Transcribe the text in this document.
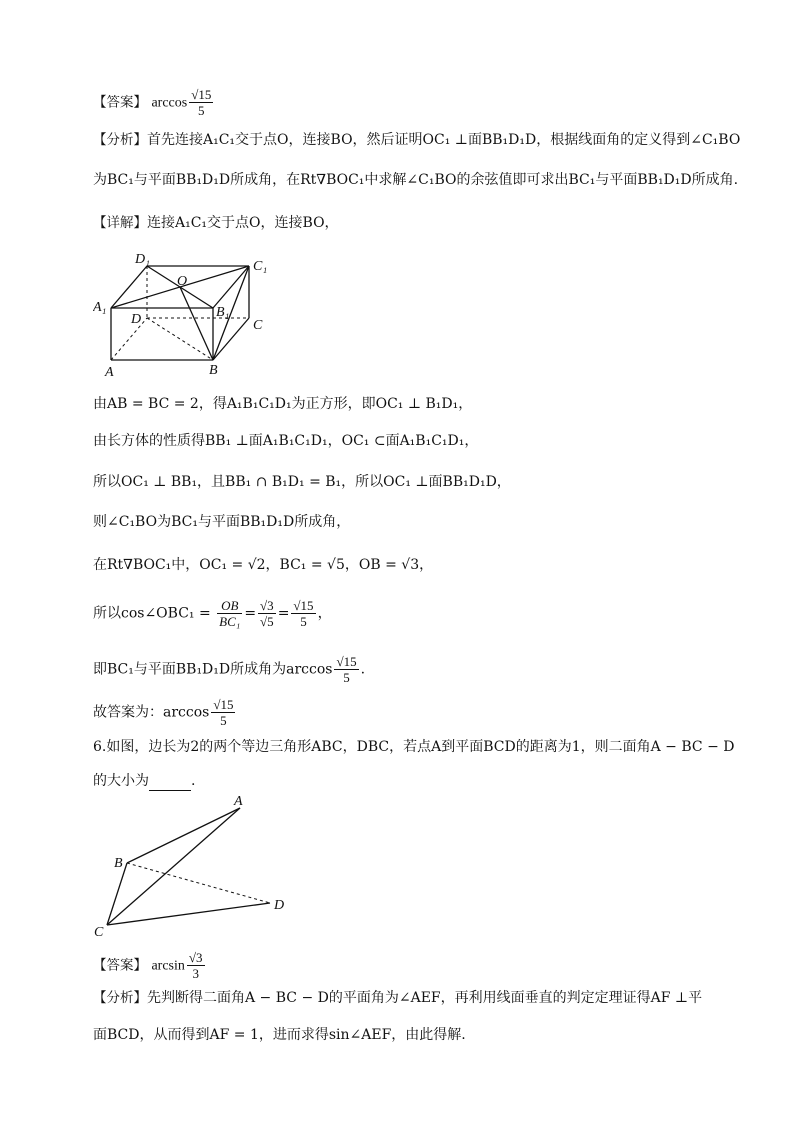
【答案】 $\arccos \frac{√15}{5}$
【分析】首先连接A₁C₁交于点O，连接BO，然后证明OC₁ ⊥面BB₁D₁D，根据线面角的定义得到∠C₁BO
为BC₁与平面BB₁D₁D所成角，在Rt∇BOC₁中求解∠C₁BO的余弦值即可求出BC₁与平面BB₁D₁D所成角.
【详解】连接A₁C₁交于点O，连接BO，
D₁	C₁
O
A₁
D	B₁
C
A	B
由AB = BC = 2，得A₁B₁C₁D₁为正方形，即OC₁ ⊥ B₁D₁，
由长方体的性质得BB₁ ⊥面A₁B₁C₁D₁，OC₁ ⊂面A₁B₁C₁D₁，
所以OC₁ ⊥ BB₁，且BB₁ ∩ B₁D₁ = B₁，所以OC₁ ⊥面BB₁D₁D，
则∠C₁BO为BC₁与平面BB₁D₁D所成角，
在Rt∇BOC₁中，OC₁ = √2，BC₁ = √5，OB = √3，
所以cos∠OBC₁ = $\frac{OB}{\text{BC₁}} = \frac{√3}{√5} = \frac{√15}{5}$ ，
即BC₁与平面BB₁D₁D所成角为$\arccos \frac{√15}{5}$ .
故答案为：$\arccos \frac{√15}{5}$
6.如图，边长为2的两个等边三角形ABC，DBC，若点A到平面BCD的距离为1，则二面角A − BC − D
的大小为	.
A
B
C
D
【答案】 $\arcsin \frac{√3}{3}$
【分析】先判断得二面角A − BC − D的平面角为∠AEF，再利用线面垂直的判定定理证得AF ⊥平
面BCD，从而得到AF = 1，进而求得sin∠AEF，由此得解.
